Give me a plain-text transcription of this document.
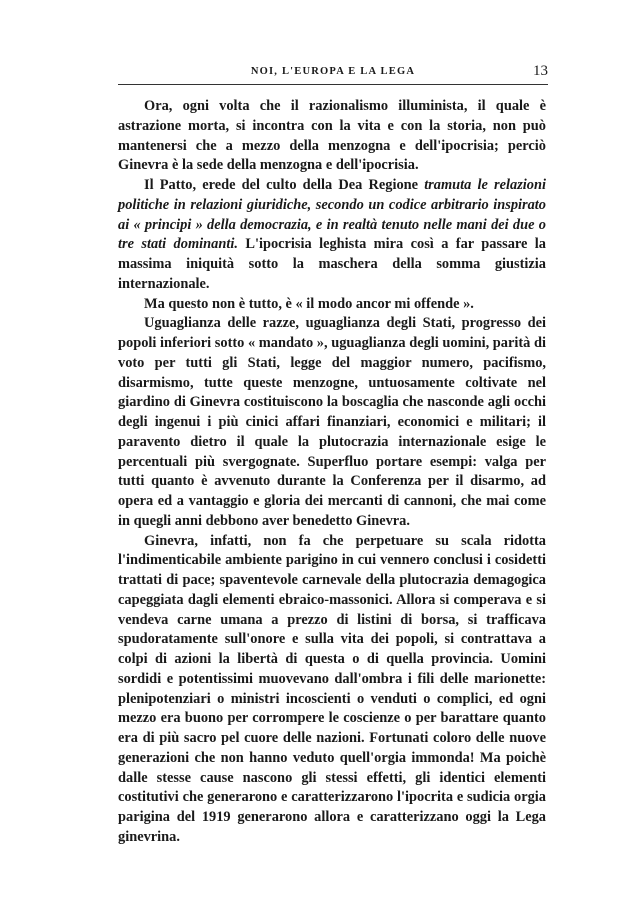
NOI, L'EUROPA E LA LEGA	13

Ora, ogni volta che il razionalismo illuminista, il quale è astrazione morta, si incontra con la vita e con la storia, non può mantenersi che a mezzo della menzogna e dell'ipocrisia; perciò Ginevra è la sede della menzogna e dell'ipocrisia.

Il Patto, erede del culto della Dea Regione tramuta le relazioni politiche in relazioni giuridiche, secondo un codice arbitrario inspirato ai « principi » della democrazia, e in realtà tenuto nelle mani dei due o tre stati dominanti. L'ipocrisia leghista mira così a far passare la massima iniquità sotto la maschera della somma giustizia internazionale.

Ma questo non è tutto, è « il modo ancor mi offende ».

Uguaglianza delle razze, uguaglianza degli Stati, progresso dei popoli inferiori sotto « mandato », uguaglianza degli uomini, parità di voto per tutti gli Stati, legge del maggior numero, pacifismo, disarmismo, tutte queste menzogne, untuosamente coltivate nel giardino di Ginevra costituiscono la boscaglia che nasconde agli occhi degli ingenui i più cinici affari finanziari, economici e militari; il paravento dietro il quale la plutocrazia internazionale esige le percentuali più svergognate. Superfluo portare esempi: valga per tutti quanto è avvenuto durante la Conferenza per il disarmo, ad opera ed a vantaggio e gloria dei mercanti di cannoni, che mai come in quegli anni debbono aver benedetto Ginevra.

Ginevra, infatti, non fa che perpetuare su scala ridotta l'indimenticabile ambiente parigino in cui vennero conclusi i cosidetti trattati di pace; spaventevole carnevale della plutocrazia demagogica capeggiata dagli elementi ebraico-massonici. Allora si comperava e si vendeva carne umana a prezzo di listini di borsa, si trafficava spudoratamente sull'onore e sulla vita dei popoli, si contrattava a colpi di azioni la libertà di questa o di quella provincia. Uomini sordidi e potentissimi muovevano dall'ombra i fili delle marionette: plenipotenziari o ministri incoscienti o venduti o complici, ed ogni mezzo era buono per corrompere le coscienze o per barattare quanto era di più sacro pel cuore delle nazioni. Fortunati coloro delle nuove generazioni che non hanno veduto quell'orgia immonda! Ma poichè dalle stesse cause nascono gli stessi effetti, gli identici elementi costitutivi che generarono e caratterizzarono l'ipocrita e sudicia orgia parigina del 1919 generarono allora e caratterizzano oggi la Lega ginevrina.
